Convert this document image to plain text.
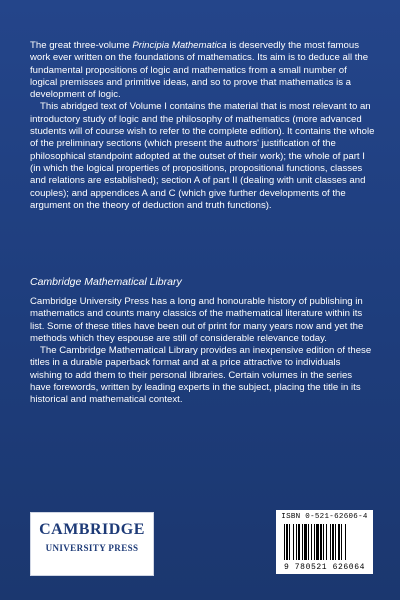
The great three-volume Principia Mathematica is deservedly the most famous work ever written on the foundations of mathematics. Its aim is to deduce all the fundamental propositions of logic and mathematics from a small number of logical premisses and primitive ideas, and so to prove that mathematics is a development of logic.

This abridged text of Volume I contains the material that is most relevant to an introductory study of logic and the philosophy of mathematics (more advanced students will of course wish to refer to the complete edition). It contains the whole of the preliminary sections (which present the authors' justification of the philosophical standpoint adopted at the outset of their work); the whole of part I (in which the logical properties of propositions, propositional functions, classes and relations are established); section A of part II (dealing with unit classes and couples); and appendices A and C (which give further developments of the argument on the theory of deduction and truth functions).

Cambridge Mathematical Library

Cambridge University Press has a long and honourable history of publishing in mathematics and counts many classics of the mathematical literature within its list. Some of these titles have been out of print for many years now and yet the methods which they espouse are still of considerable relevance today.

The Cambridge Mathematical Library provides an inexpensive edition of these titles in a durable paperback format and at a price attractive to individuals wishing to add them to their personal libraries. Certain volumes in the series have forewords, written by leading experts in the subject, placing the title in its historical and mathematical context.

CAMBRIDGE
UNIVERSITY PRESS
ISBN 0-521-62606-4
9 780521 626064
